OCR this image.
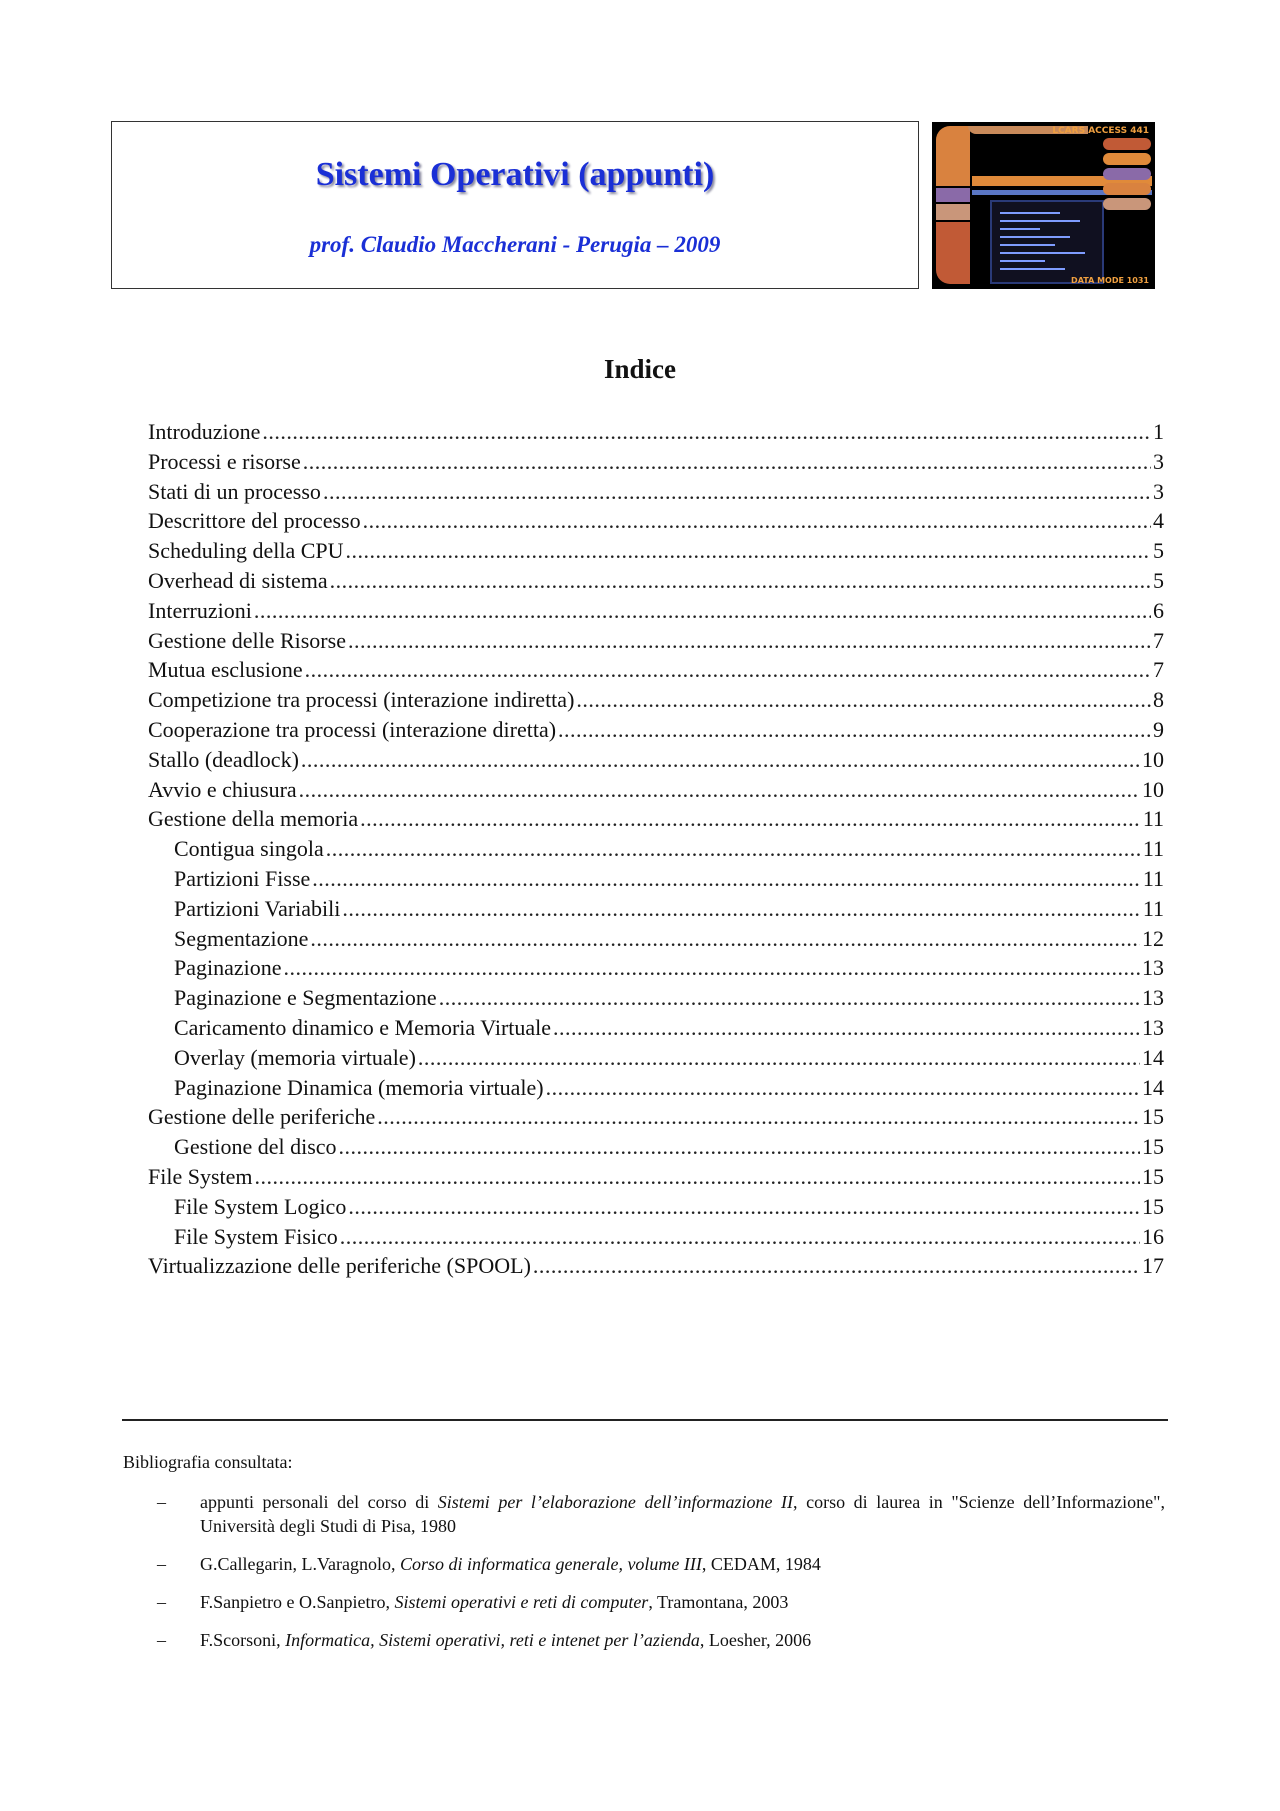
Sistemi Operativi (appunti)
prof. Claudio Maccherani - Perugia – 2009
LCARS ACCESS 441
DATA MODE 1031
Indice
Introduzione .....	1
Processi e risorse .....	3
Stati di un processo .....	3
Descrittore del processo .....	4
Scheduling della CPU .....	5
Overhead di sistema .....	5
Interruzioni .....	6
Gestione delle Risorse .....	7
Mutua esclusione .....	7
Competizione tra processi (interazione indiretta) .....	8
Cooperazione tra processi (interazione diretta) .....	9
Stallo (deadlock) .....	10
Avvio e chiusura .....	10
Gestione della memoria .....	11
Contigua singola .....	11
Partizioni Fisse .....	11
Partizioni Variabili .....	11
Segmentazione .....	12
Paginazione .....	13
Paginazione e Segmentazione .....	13
Caricamento dinamico e Memoria Virtuale .....	13
Overlay (memoria virtuale) .....	14
Paginazione Dinamica (memoria virtuale) .....	14
Gestione delle periferiche .....	15
Gestione del disco .....	15
File System .....	15
File System Logico .....	15
File System Fisico .....	16
Virtualizzazione delle periferiche (SPOOL) .....	17
Bibliografia consultata:
– appunti personali del corso di Sistemi per l’elaborazione dell’informazione II, corso di laurea in "Scienze dell’Informazione", Università degli Studi di Pisa, 1980
– G.Callegarin, L.Varagnolo, Corso di informatica generale, volume III, CEDAM, 1984
– F.Sanpietro e O.Sanpietro, Sistemi operativi e reti di computer, Tramontana, 2003
– F.Scorsoni, Informatica, Sistemi operativi, reti e intenet per l’azienda, Loesher, 2006
